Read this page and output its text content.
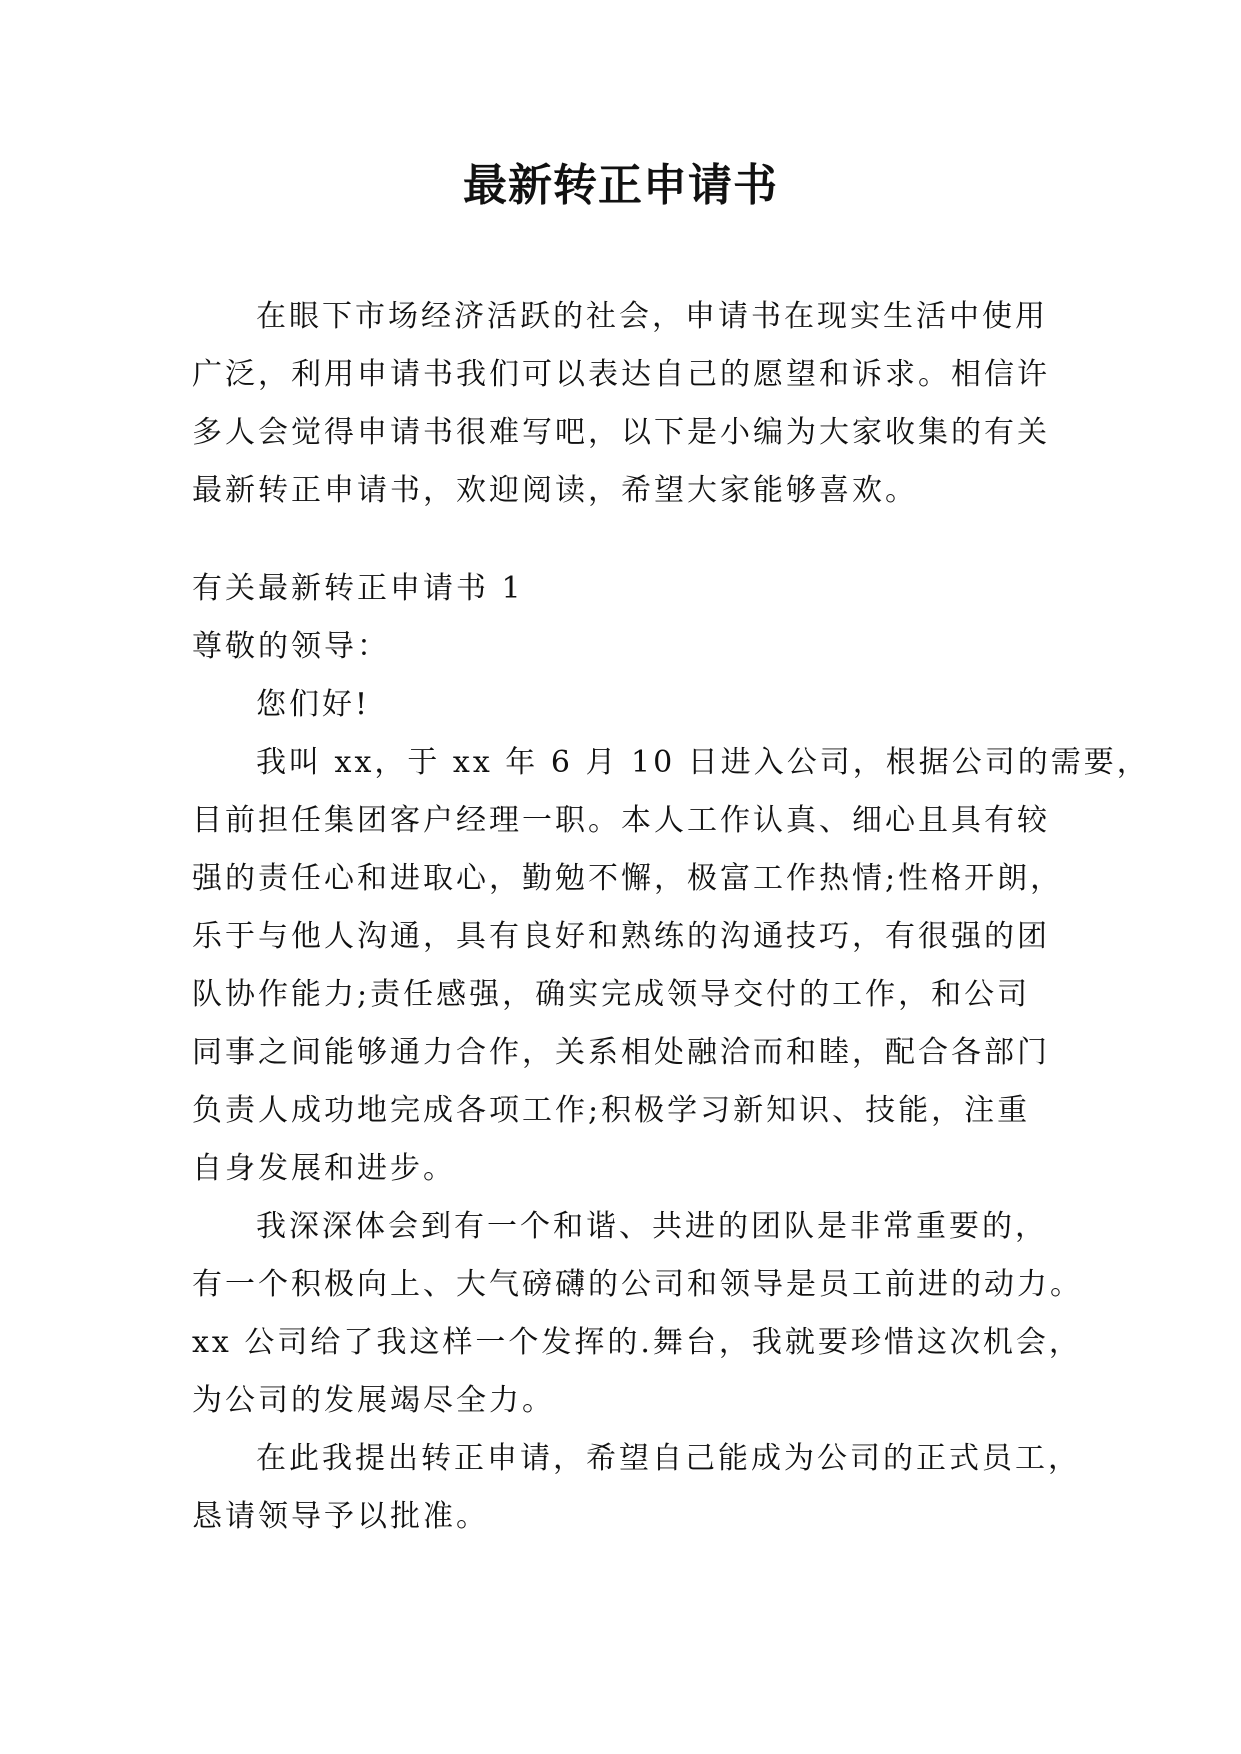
最新转正申请书
在眼下市场经济活跃的社会，申请书在现实生活中使用
广泛，利用申请书我们可以表达自己的愿望和诉求。相信许
多人会觉得申请书很难写吧，以下是小编为大家收集的有关
最新转正申请书，欢迎阅读，希望大家能够喜欢。
有关最新转正申请书 1
尊敬的领导：
您们好!
我叫 xx，于 xx 年 6 月 10 日进入公司，根据公司的需要，
目前担任集团客户经理一职。本人工作认真、细心且具有较
强的责任心和进取心，勤勉不懈，极富工作热情;性格开朗，
乐于与他人沟通，具有良好和熟练的沟通技巧，有很强的团
队协作能力;责任感强，确实完成领导交付的工作，和公司
同事之间能够通力合作，关系相处融洽而和睦，配合各部门
负责人成功地完成各项工作;积极学习新知识、技能，注重
自身发展和进步。
我深深体会到有一个和谐、共进的团队是非常重要的，
有一个积极向上、大气磅礴的公司和领导是员工前进的动力。
xx 公司给了我这样一个发挥的.舞台，我就要珍惜这次机会，
为公司的发展竭尽全力。
在此我提出转正申请，希望自己能成为公司的正式员工，
恳请领导予以批准。
